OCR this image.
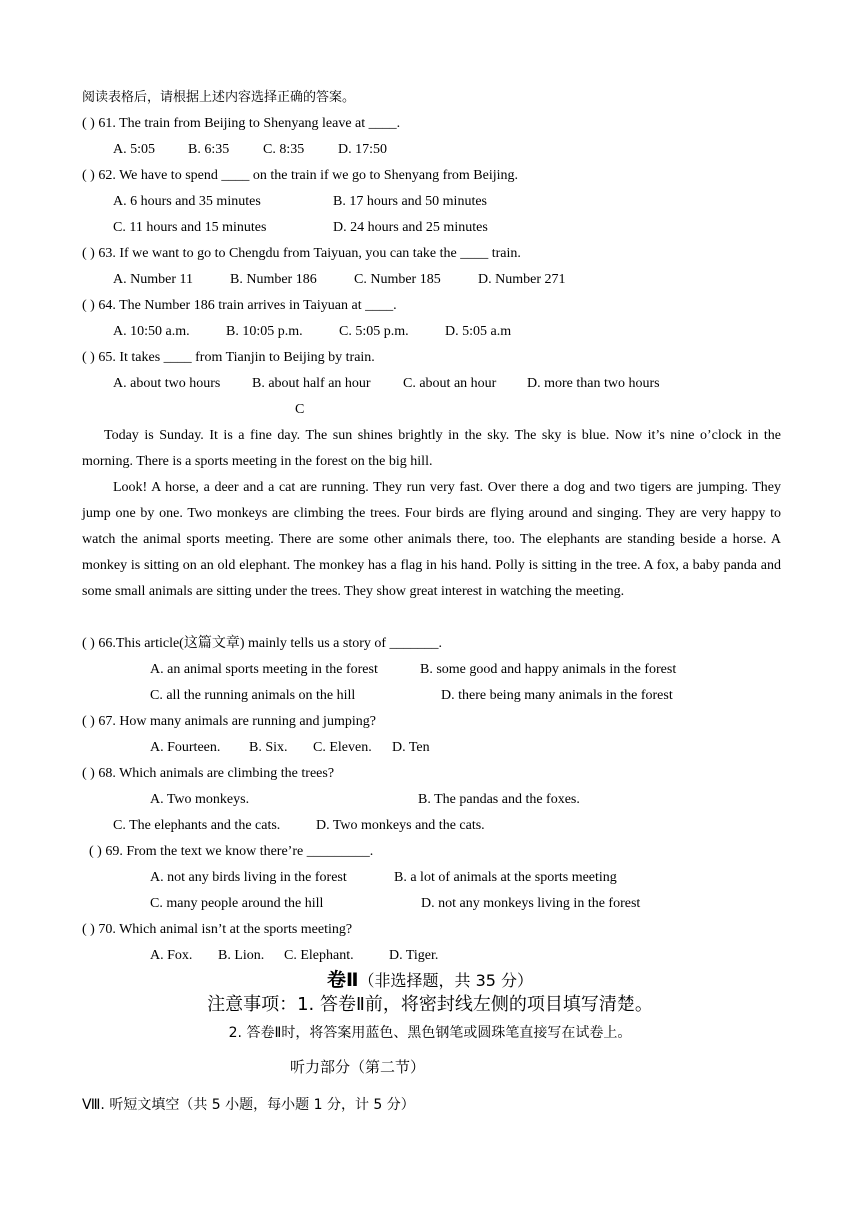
阅读表格后，请根据上述内容选择正确的答案。
( ) 61. The train from Beijing to Shenyang leave at ____.
A. 5:05 B. 6:35 C. 8:35 D. 17:50
( ) 62. We have to spend ____ on the train if we go to Shenyang from Beijing.
A. 6 hours and 35 minutes	B. 17 hours and 50 minutes
C. 11 hours and 15 minutes	D. 24 hours and 25 minutes
( ) 63. If we want to go to Chengdu from Taiyuan, you can take the ____ train.
A. Number 11	B. Number 186	C. Number 185	D. Number 271
( ) 64. The Number 186 train arrives in Taiyuan at ____.
A. 10:50 a.m.	B. 10:05 p.m.	C. 5:05 p.m.	D. 5:05 a.m
( ) 65. It takes ____ from Tianjin to Beijing by train.
A. about two hours B. about half an hour C. about an hour D. more than two hours
C
Today is Sunday. It is a fine day. The sun shines brightly in the sky. The sky is blue. Now it’s nine o’clock in the morning. There is a sports meeting in the forest on the big hill.
Look! A horse, a deer and a cat are running. They run very fast. Over there a dog and two tigers are jumping. They jump one by one. Two monkeys are climbing the trees. Four birds are flying around and singing. They are very happy to watch the animal sports meeting. There are some other animals there, too. The elephants are standing beside a horse. A monkey is sitting on an old elephant. The monkey has a flag in his hand. Polly is sitting in the tree. A fox, a baby panda and some small animals are sitting under the trees. They show great interest in watching the meeting.
( ) 66.This article(这篇文章) mainly tells us a story of _______.
A. an animal sports meeting in the forest	B. some good and happy animals in the forest
C. all the running animals on the hill	D. there being many animals in the forest
( ) 67. How many animals are running and jumping?
A. Fourteen. B. Six. C. Eleven. D. Ten
( ) 68. Which animals are climbing the trees?
A. Two monkeys.	B. The pandas and the foxes.
C. The elephants and the cats.	D. Two monkeys and the cats.
( ) 69. From the text we know there’re _________.
A. not any birds living in the forest	B. a lot of animals at the sports meeting
C. many people around the hill	D. not any monkeys living in the forest
( ) 70. Which animal isn’t at the sports meeting?
A. Fox. B. Lion. C. Elephant.	D. Tiger.
卷Ⅱ（非选择题，共 35 分）
注意事项：1. 答卷Ⅱ前，将密封线左侧的项目填写清楚。
2. 答卷Ⅱ时，将答案用蓝色、黑色钢笔或圆珠笔直接写在试卷上。
听力部分（第二节）
Ⅷ. 听短文填空（共 5 小题，每小题 1 分，计 5 分）
